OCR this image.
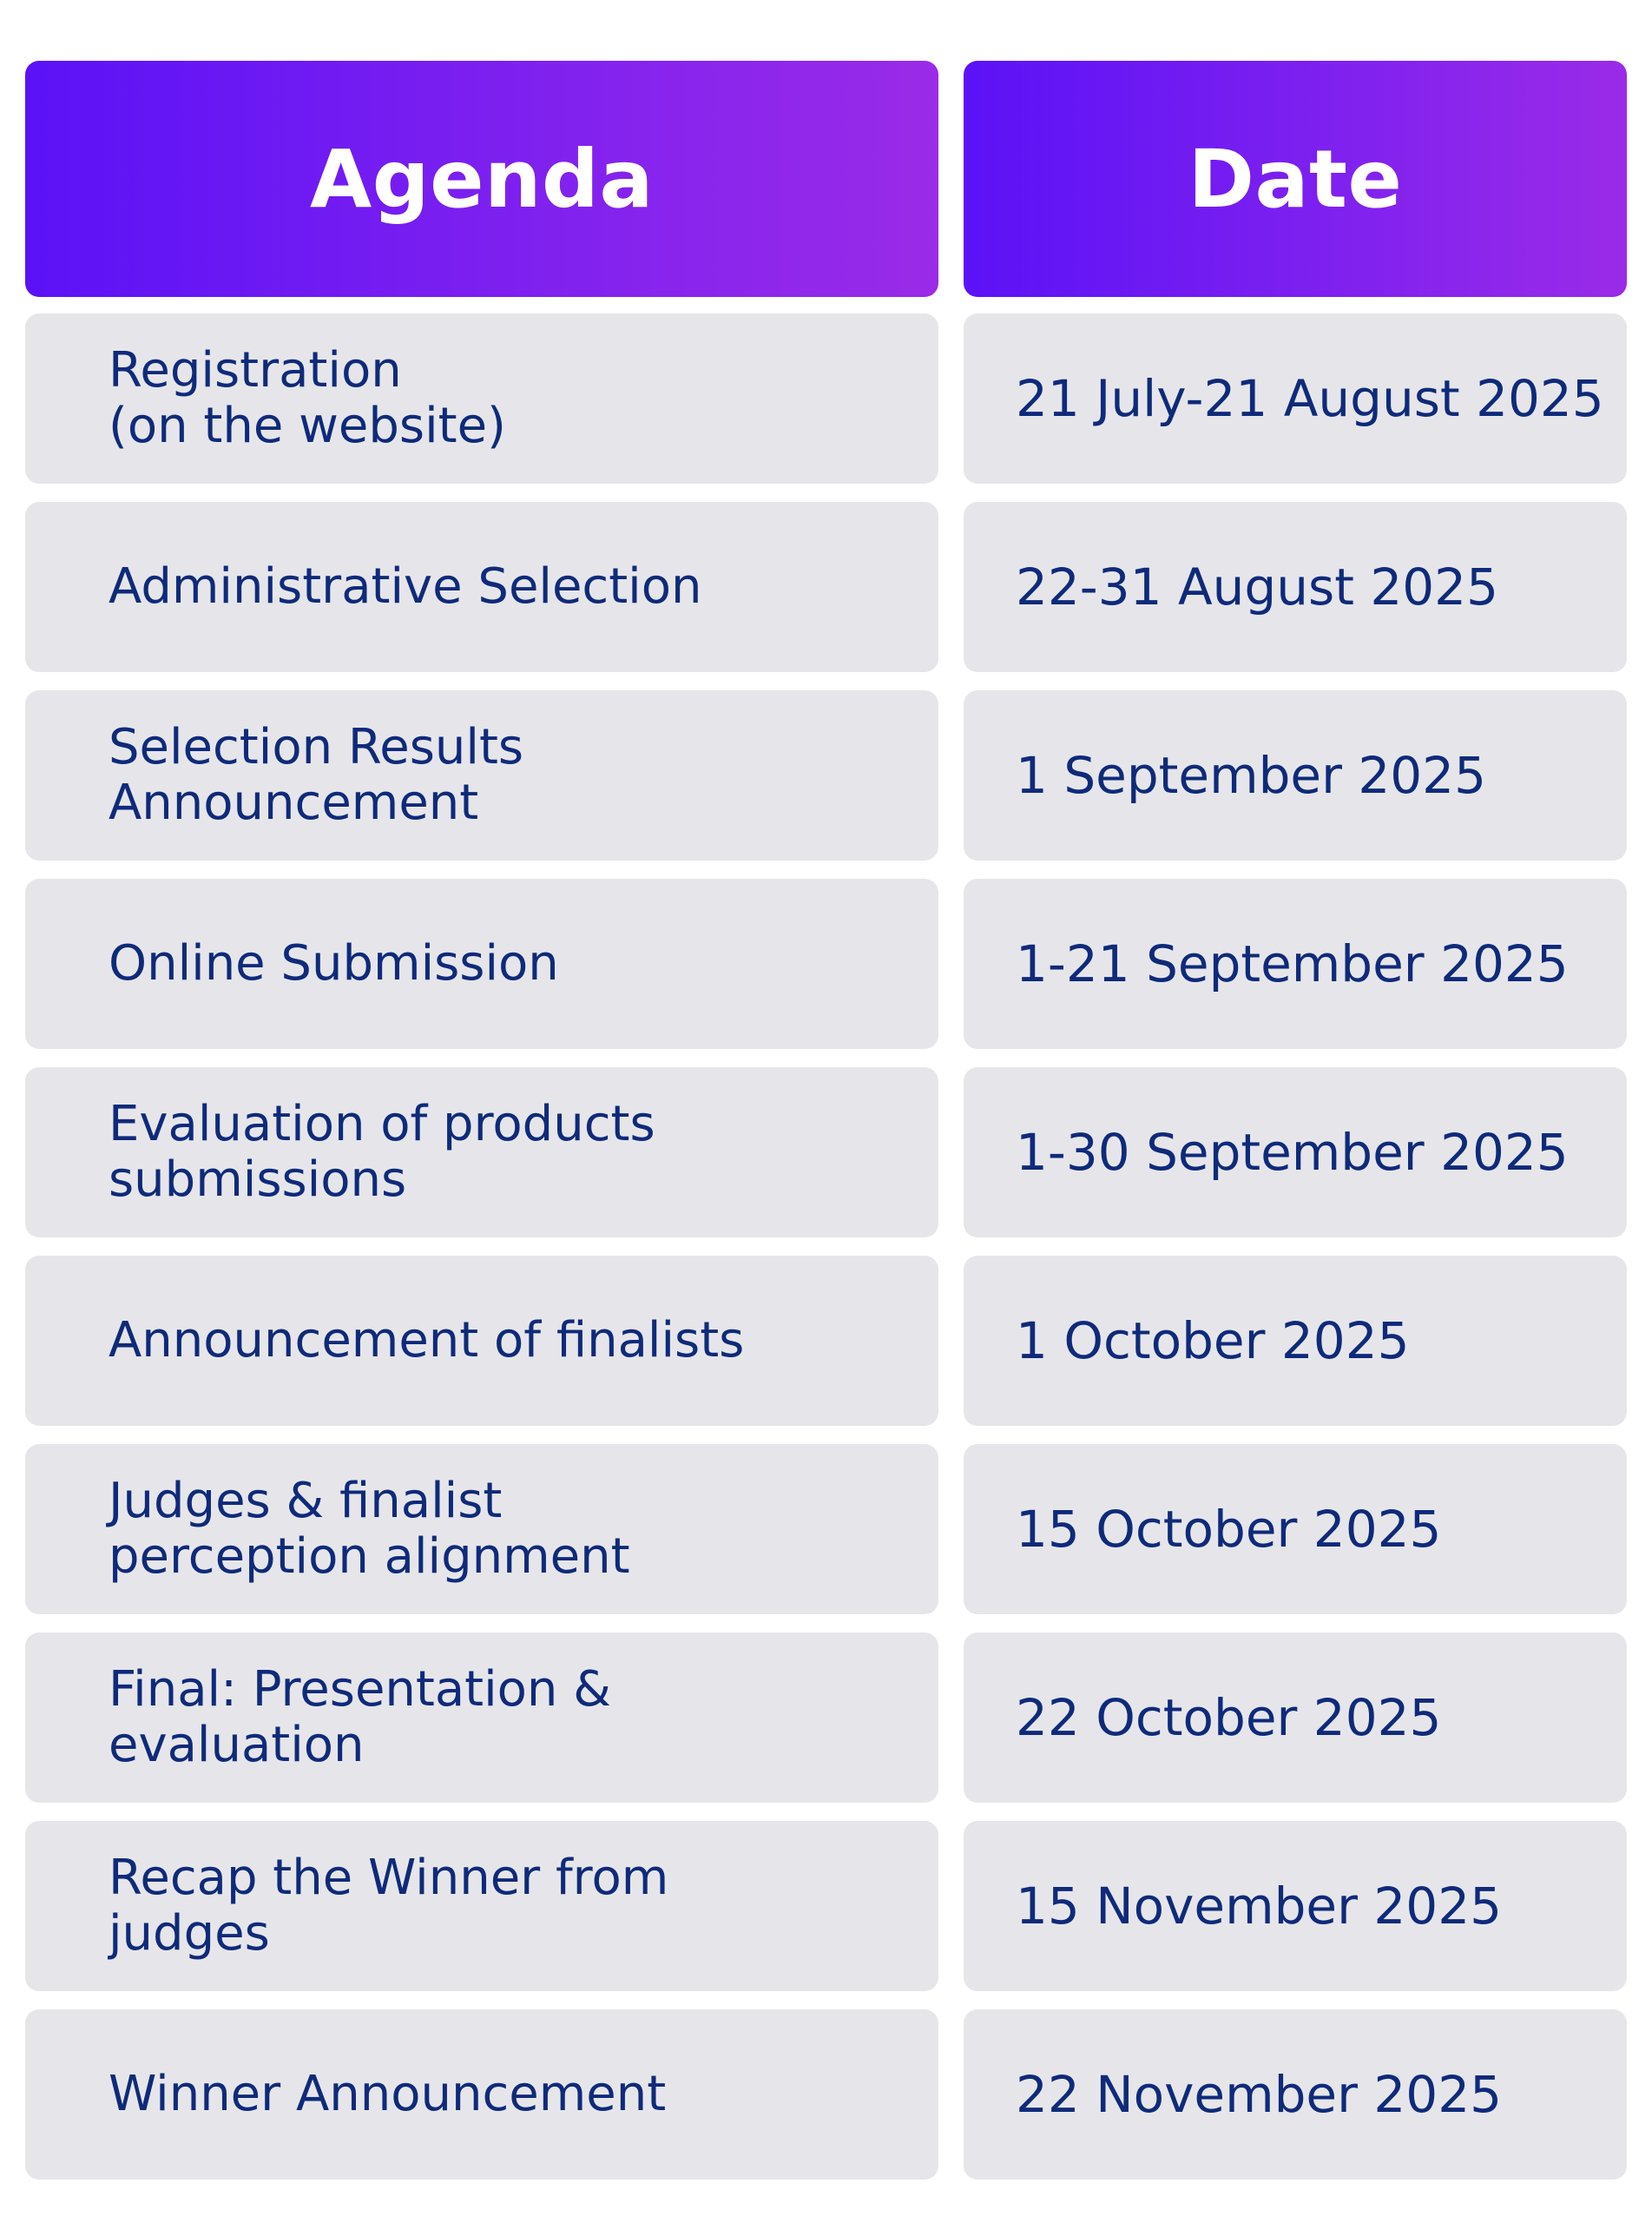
Agenda	Date
Registration
(on the website)	21 July-21 August 2025
Administrative Selection	22-31 August 2025
Selection Results
Announcement	1 September 2025
Online Submission	1-21 September 2025
Evaluation of products
submissions	1-30 September 2025
Announcement of finalists	1 October 2025
Judges & finalist
perception alignment	15 October 2025
Final: Presentation &
evaluation	22 October 2025
Recap the Winner from
judges	15 November 2025
Winner Announcement	22 November 2025
